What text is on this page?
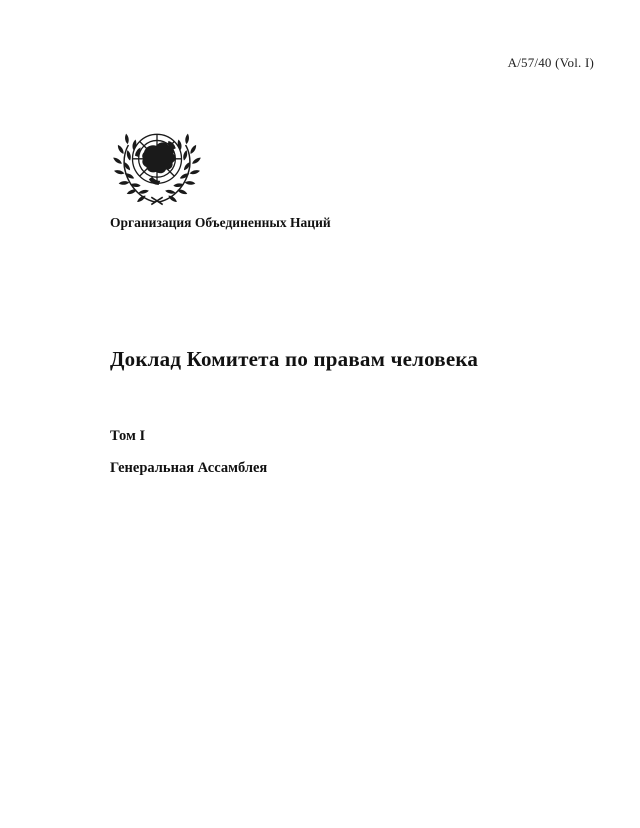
A/57/40 (Vol. I)
Организация Объединенных Наций
Доклад Комитета по правам человека
Том I
Генеральная Ассамблея
